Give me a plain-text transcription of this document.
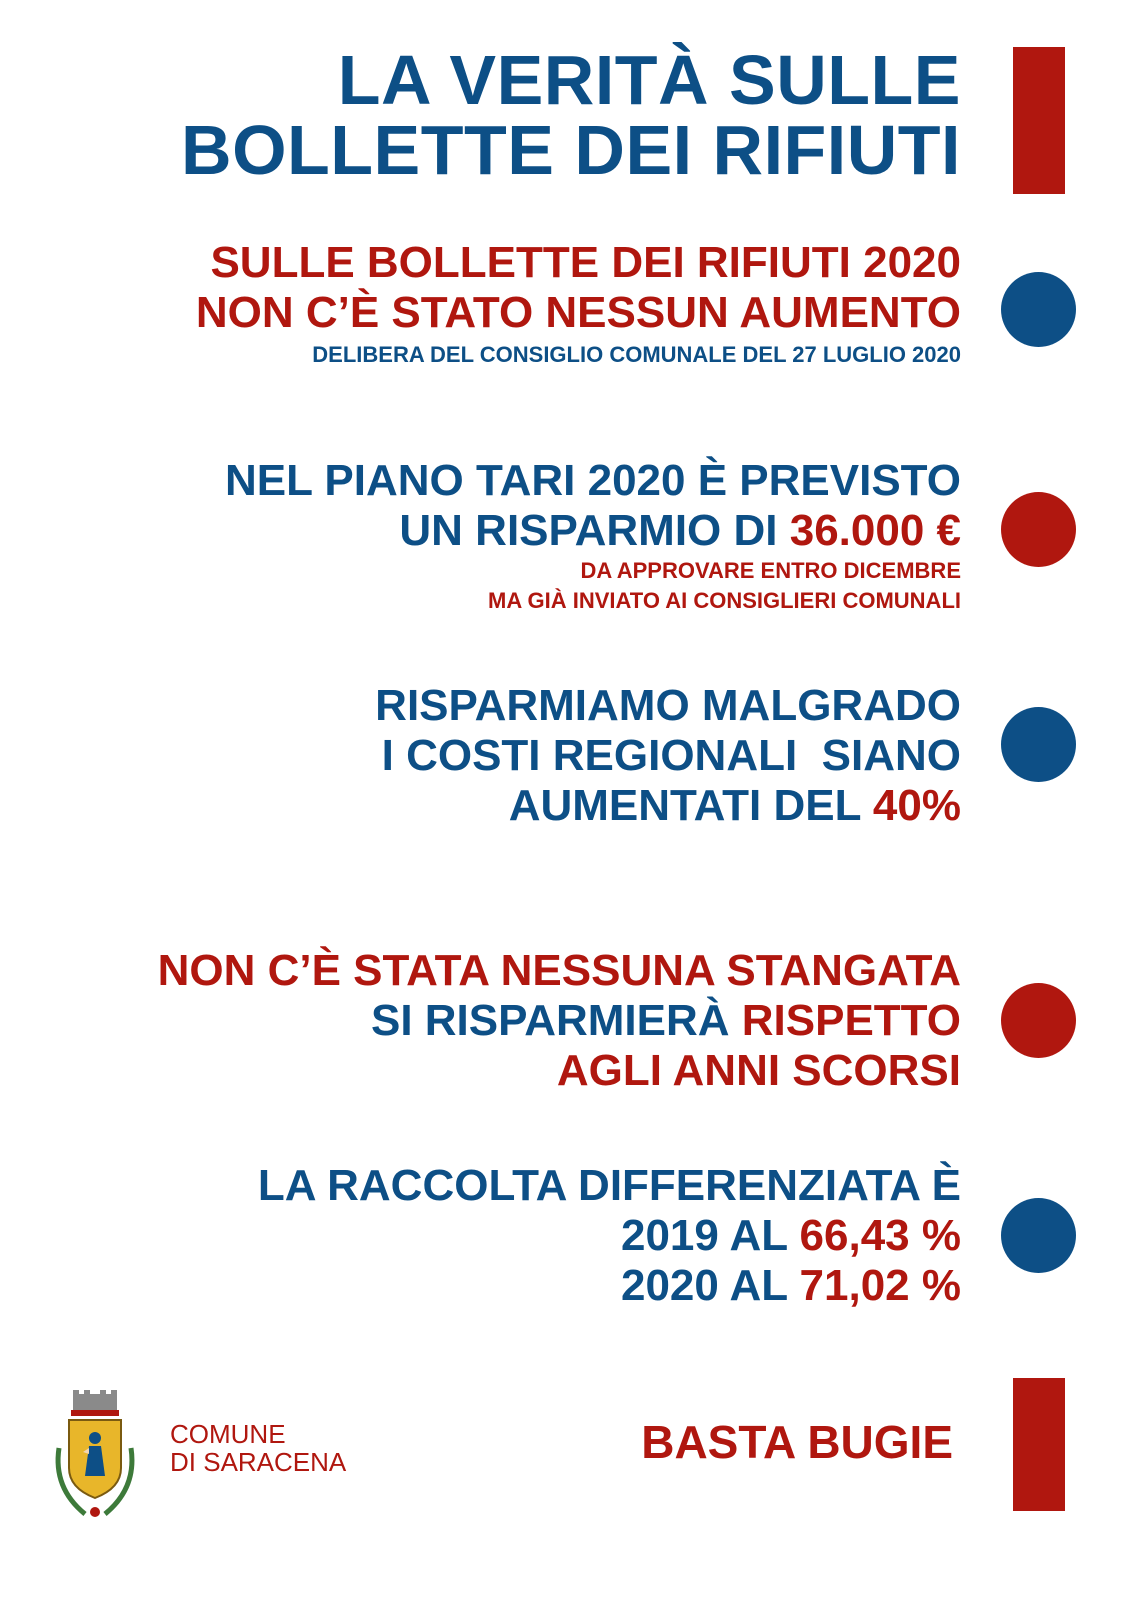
LA VERITÀ SULLE
BOLLETTE DEI RIFIUTI
SULLE BOLLETTE DEI RIFIUTI 2020
NON C’È STATO NESSUN AUMENTO
DELIBERA DEL CONSIGLIO COMUNALE DEL 27 LUGLIO 2020
NEL PIANO TARI 2020 È PREVISTO
UN RISPARMIO DI 36.000 €
DA APPROVARE ENTRO DICEMBRE
MA GIÀ INVIATO AI CONSIGLIERI COMUNALI
RISPARMIAMO MALGRADO
I COSTI REGIONALI  SIANO
AUMENTATI DEL 40%
NON C’È STATA NESSUNA STANGATA
SI RISPARMIERÀ RISPETTO
AGLI ANNI SCORSI
LA RACCOLTA DIFFERENZIATA È
2019 AL 66,43 %
2020 AL 71,02 %
COMUNE
DI SARACENA	BASTA BUGIE
